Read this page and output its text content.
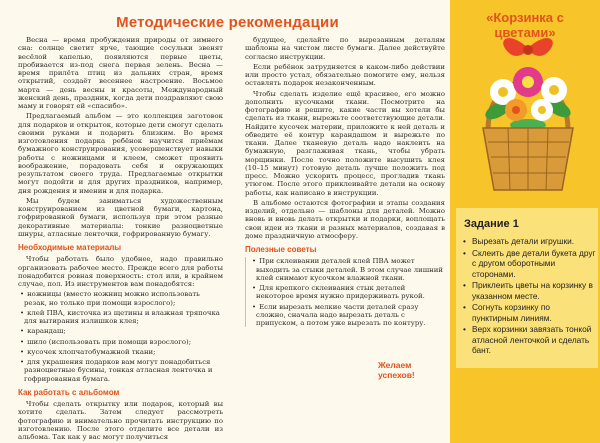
Методические рекомендации

Весна — время пробуждения природы от зимнего сна: солнце светит ярче, тающие сосульки звенят весёлой капелью, появляются первые цветы, пробивается из-под снега первая зелень. Весна — время прилёта птиц из дальних стран, время открытий, создаёт весеннее настроение. Восьмое марта — день весны и красоты, Международный женский день, праздник, когда дети поздравляют свою маму и говорят ей «спасибо».

Предлагаемый альбом — это коллекция заготовок для подарков и открыток, которые дети смогут сделать своими руками и подарить близким. Во время изготовления подарка ребёнок научится приёмам бумажного конструирования, усовершенствует навыки работы с ножницами и клеем, сможет проявить воображение, порадовать себя и окружающих результатом своего труда. Предлагаемые открытки могут подойти и для других праздников, например, дня рождения и именин и для подарка.

Мы будем заниматься художественным конструированием из цветной бумаги, картона, гофрированной бумаги, используя при этом разные декоративные материалы: тонкие разноцветные шнуры, атласные ленточки, гофрированную бумагу.

Необходимые материалы

Чтобы работать было удобнее, надо правильно организовать рабочее место. Прежде всего для работы понадобится ровная поверхность: стол или, в крайнем случае, пол. Из инструментов вам понадобятся:

• ножницы (вместо ножниц можно использовать резак, но только при помощи взрослого);
• клей ПВА, кисточка из щетины и влажная тряпочка для вытирания излишков клея;
• карандаш;
• шило (использовать при помощи взрослого);
• кусочек хлопчатобумажной ткани;
• для украшения подарков вам могут понадобиться разноцветные бусины, тонкая атласная ленточка и гофрированная бумага.
Как работать с альбомом

Чтобы сделать открытку или подарок, который вы хотите сделать. Затем следует рассмотреть фотографию и внимательно прочитать инструкцию по изготовлению. После этого отделите все детали из альбома. Так как у вас могут получиться

будущее, сделайте по вырезанным деталям шаблоны на чистом листе бумаги. Далее действуйте согласно инструкции.

Если ребёнок затрудняется в каком-либо действии или просто устал, обязательно помогите ему, нельзя оставлять подарок незаконченным.

Чтобы сделать изделие ещё красивее, его можно дополнить кусочками ткани. Посмотрите на фотографию и решите, какие части вы хотели бы сделать из ткани, вырежьте соответствующие детали. Найдите кусочек материи, приложите к ней деталь и обведите её контур карандашом и вырежьте по ткани. Далее тканевую деталь надо наклеить на бумажную, разглаживая ткань, чтобы убрать морщинки. После точно положите высушить клея (10–15 минут) готовую деталь лучше положить под пресс. Можно ускорить процесс, прогладив ткань утюгом. После этого приклеивайте детали на основу работы, как написано в инструкции.

В альбоме остаются фотографии и этапы создания изделий, отдельно — шаблоны для деталей. Можно вновь и вновь делать открытки и подарки, воплощать свои идеи из ткани и разных материалов, создавая в доме праздничную атмосферу.

Полезные советы
• При склеивании деталей клей ПВА может выходить за стыки деталей. В этом случае лишний клей снимают кусочком влажной ткани.
• Для крепкого склеивания стык деталей некоторое время нужно придерживать рукой.
• Если вырезать мелкие части деталей сразу сложно, сначала надо вырезать деталь с припуском, а потом уже вырезать по контуру.
Желаем успехов!
«Корзинка с цветами»
Задание 1
• Вырезать детали игрушки.
• Склеить две детали букета друг с другом оборотными сторонами.
• Приклеить цветы на корзинку в указанном месте.
• Согнуть корзинку по пунктирным линиям.
• Верх корзинки завязать тонкой атласной ленточкой и сделать бант.
